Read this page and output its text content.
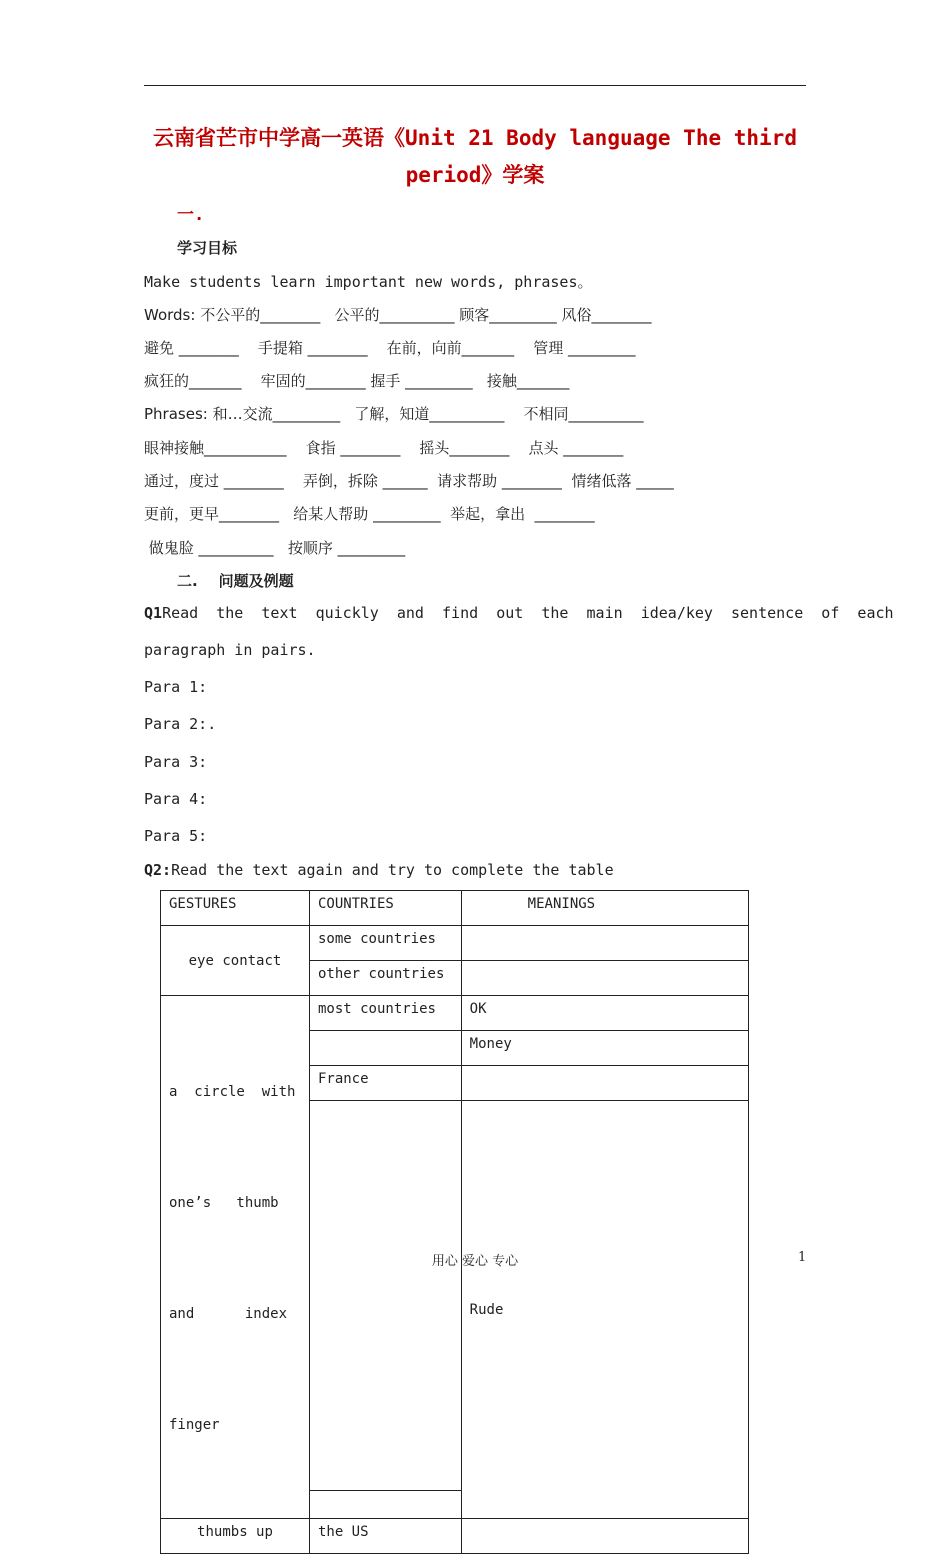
云南省芒市中学高一英语《Unit 21 Body language The third
period》学案
一.
学习目标
Make students learn important new words, phrases。
Words: 不公平的________   公平的__________ 顾客_________ 风俗________
避免 ________    手提箱 ________    在前，向前_______    管理 _________
疯狂的_______    牢固的________ 握手 _________   接触_______
Phrases: 和…交流_________   了解，知道__________    不相同__________
眼神接触___________    食指 ________    摇头________    点头 ________
通过，度过 ________    弄倒，拆除 ______  请求帮助 ________  情绪低落 _____
更前，更早________   给某人帮助 _________  举起，拿出  ________
做鬼脸 __________   按顺序 _________
二.    问题及例题
Q1Read  the  text  quickly  and  find  out  the  main  idea/key  sentence  of  each
paragraph in pairs.
Para 1:
Para 2:.
Para 3:
Para 4:
Para 5:
Q2:Read the text again and try to complete the table
GESTURES	COUNTRIES	MEANINGS
eye contact	some countries	
	other countries	

a  circle  with

one’s   thumb

and      index

finger	most countries	OK
		Money
	France	
		Rude

thumbs up	the US	
用心 爱心 专心	1
